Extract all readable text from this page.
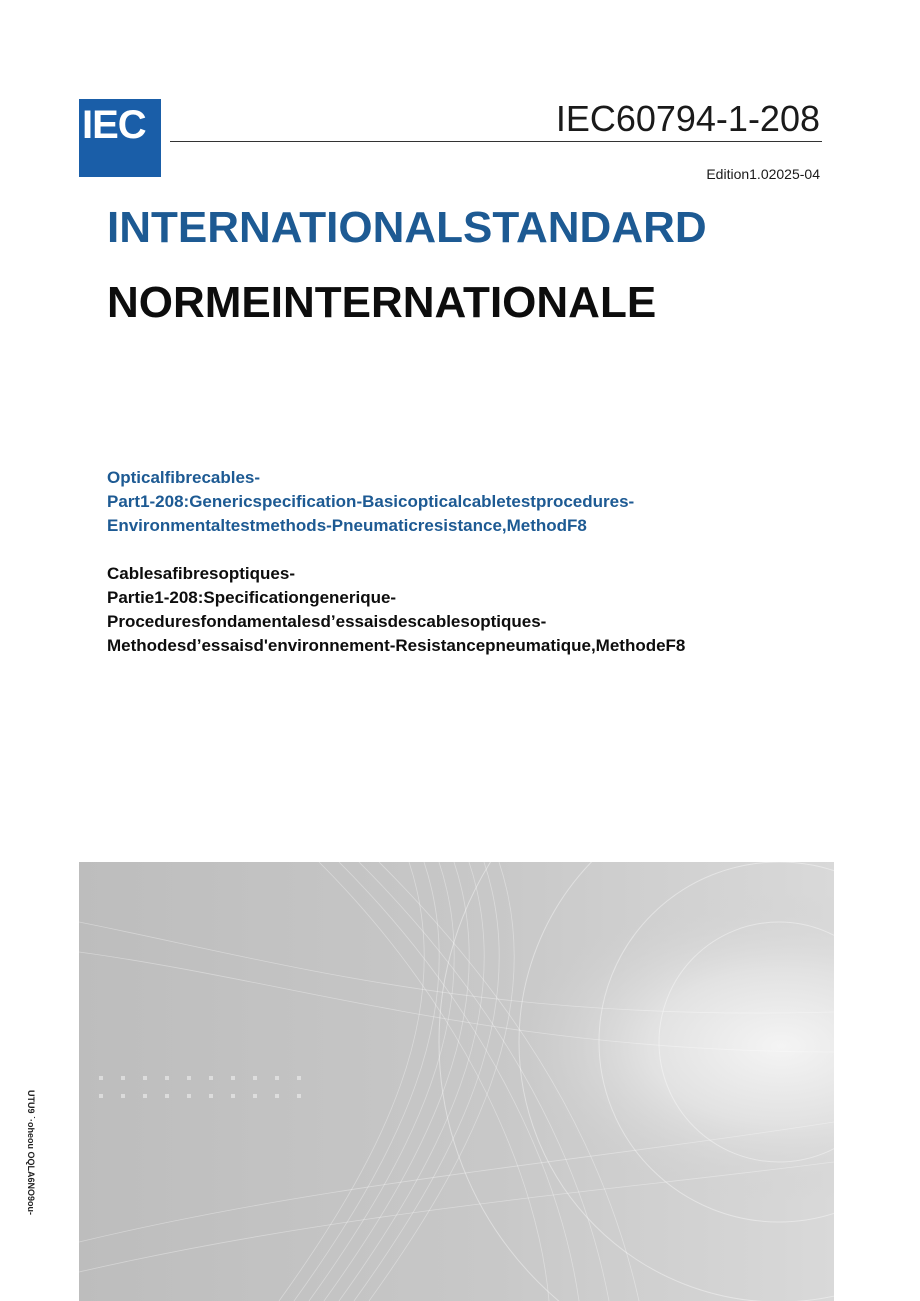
IEC	IEC60794-1-208
Edition1.02025-04
INTERNATIONALSTANDARD
NORMEINTERNATIONALE
Opticalfibrecables-
Part1-208:Genericspecification-Basicopticalcabletestprocedures-
Environmentaltestmethods-Pneumaticresistance,MethodF8
Cablesafibresoptiques-
Partie1-208:Specificationgenerique-
Proceduresfondamentalesdʼessaisdescablesoptiques-
Methodesdʼessaisd'environnement-Resistancepneumatique,MethodeF8
UTU9 ˙·oheou OQLA6NO9ou-
